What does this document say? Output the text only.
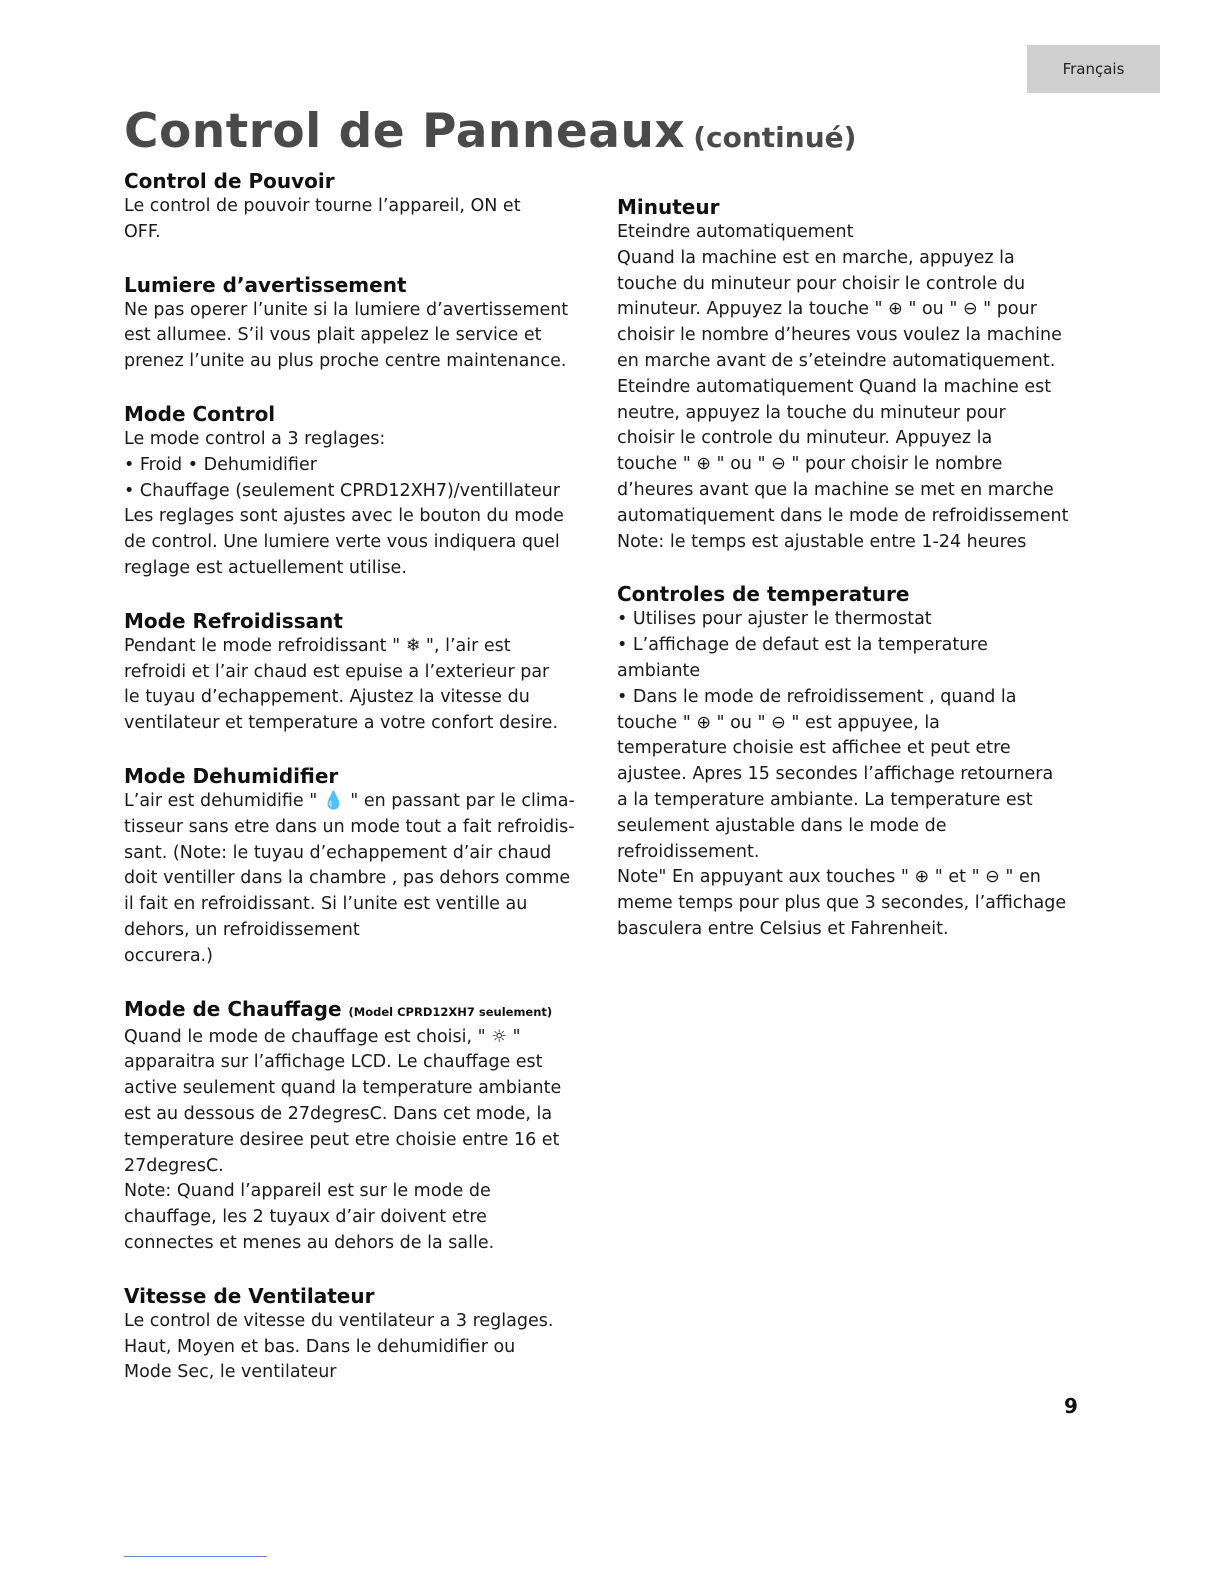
Français
Control de Panneaux (continué)
Control de Pouvoir
Le control de pouvoir tourne l’appareil, ON et
OFF.
Lumiere d’avertissement
Ne pas operer l’unite si la lumiere d’avertissement
est allumee. S’il vous plait appelez le service et
prenez l’unite au plus proche centre maintenance.
Mode Control
Le mode control a 3 reglages:
• Froid • Dehumidifier
• Chauffage (seulement CPRD12XH7)/ventillateur
Les reglages sont ajustes avec le bouton du mode
de control. Une lumiere verte vous indiquera quel
reglage est actuellement utilise.
Mode Refroidissant
Pendant le mode refroidissant " ❄ ", l’air est
refroidi et l’air chaud est epuise a l’exterieur par
le tuyau d’echappement. Ajustez la vitesse du
ventilateur et temperature a votre confort desire.
Mode Dehumidifier
L’air est dehumidifie " 💧 " en passant par le clima-
tisseur sans etre dans un mode tout a fait refroidis-
sant. (Note: le tuyau d’echappement d’air chaud
doit ventiller dans la chambre , pas dehors comme
il fait en refroidissant. Si l’unite est ventille au
dehors, un refroidissement
occurera.)
Mode de Chauffage (Model CPRD12XH7 seulement)
Quand le mode de chauffage est choisi, " ☼ "
apparaitra sur l’affichage LCD. Le chauffage est
active seulement quand la temperature ambiante
est au dessous de 27degresC. Dans cet mode, la
temperature desiree peut etre choisie entre 16 et
27degresC.
Note: Quand l’appareil est sur le mode de
chauffage, les 2 tuyaux d’air doivent etre
connectes et menes au dehors de la salle.
Vitesse de Ventilateur
Le control de vitesse du ventilateur a 3 reglages.
Haut, Moyen et bas. Dans le dehumidifier ou
Mode Sec, le ventilateur
Minuteur
Eteindre automatiquement
Quand la machine est en marche, appuyez la
touche du minuteur pour choisir le controle du
minuteur. Appuyez la touche " ⊕ " ou " ⊖ " pour
choisir le nombre d’heures vous voulez la machine
en marche avant de s’eteindre automatiquement.
Eteindre automatiquement Quand la machine est
neutre, appuyez la touche du minuteur pour
choisir le controle du minuteur. Appuyez la
touche " ⊕ " ou " ⊖ " pour choisir le nombre
d’heures avant que la machine se met en marche
automatiquement dans le mode de refroidissement
Note: le temps est ajustable entre 1-24 heures
Controles de temperature
• Utilises pour ajuster le thermostat
• L’affichage de defaut est la temperature
ambiante
• Dans le mode de refroidissement , quand la
touche " ⊕ " ou " ⊖ " est appuyee, la
temperature choisie est affichee et peut etre
ajustee. Apres 15 secondes l’affichage retournera
a la temperature ambiante. La temperature est
seulement ajustable dans le mode de
refroidissement.
Note" En appuyant aux touches " ⊕ " et " ⊖ " en
meme temps pour plus que 3 secondes, l’affichage
basculera entre Celsius et Fahrenheit.
9
